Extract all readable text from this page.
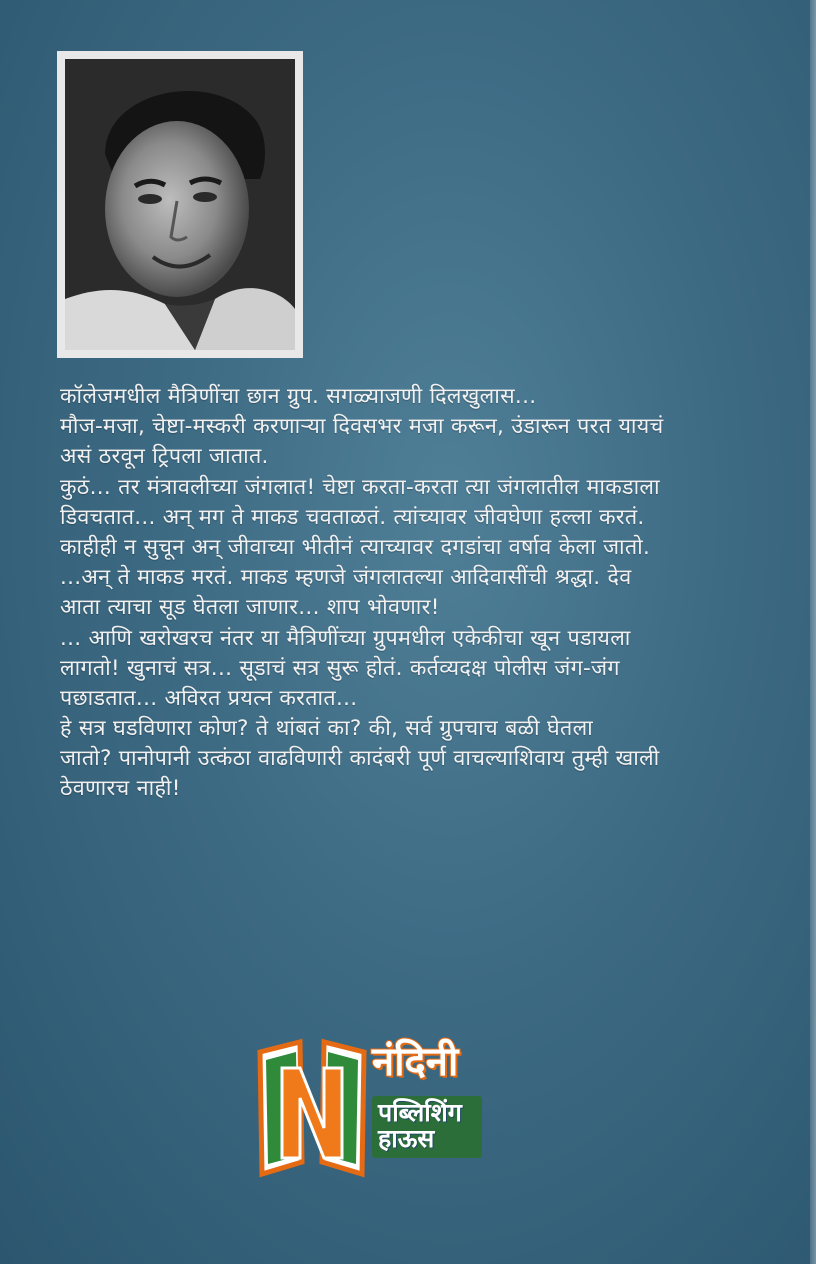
कॉलेजमधील मैत्रिणींचा छान ग्रुप. सगळ्याजणी दिलखुलास...
मौज-मजा, चेष्टा-मस्करी करणाऱ्या दिवसभर मजा करून, उंडारून परत यायचं
असं ठरवून ट्रिपला जातात.
कुठं... तर मंत्रावलीच्या जंगलात! चेष्टा करता-करता त्या जंगलातील माकडाला
डिवचतात... अन् मग ते माकड चवताळतं. त्यांच्यावर जीवघेणा हल्ला करतं.
काहीही न सुचून अन् जीवाच्या भीतीनं त्याच्यावर दगडांचा वर्षाव केला जातो.
...अन् ते माकड मरतं. माकड म्हणजे जंगलातल्या आदिवासींची श्रद्धा. देव
आता त्याचा सूड घेतला जाणार... शाप भोवणार!
... आणि खरोखरच नंतर या मैत्रिणींच्या ग्रुपमधील एकेकीचा खून पडायला
लागतो! खुनाचं सत्र... सूडाचं सत्र सुरू होतं. कर्तव्यदक्ष पोलीस जंग-जंग
पछाडतात... अविरत प्रयत्न करतात...
हे सत्र घडविणारा कोण? ते थांबतं का? की, सर्व ग्रुपचाच बळी घेतला
जातो? पानोपानी उत्कंठा वाढविणारी कादंबरी पूर्ण वाचल्याशिवाय तुम्ही खाली
ठेवणारच नाही!
नंदिनी
पब्लिशिंग
हाऊस
